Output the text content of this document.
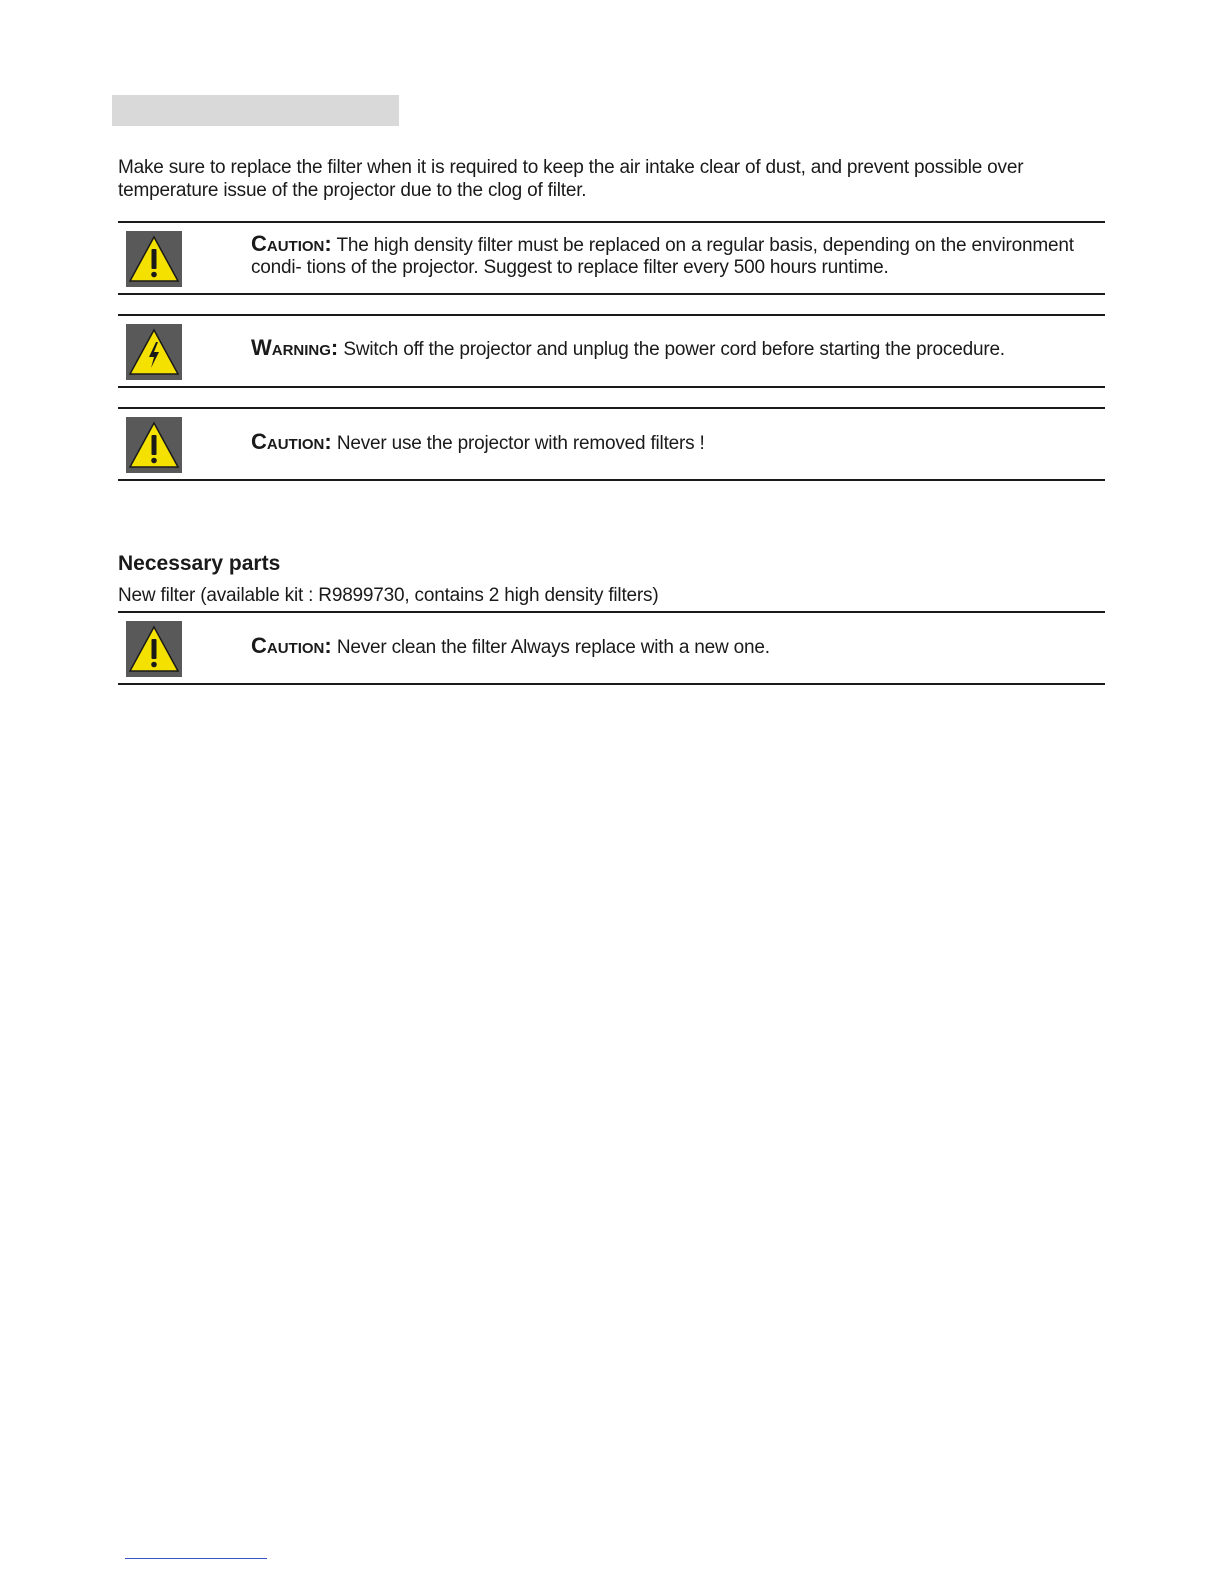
Make sure to replace the filter when it is required to keep the air intake clear of dust, and prevent possible over temperature issue of the projector due to the clog of filter.

Caution: The high density filter must be replaced on a regular basis, depending on the environment condi- tions of the projector. Suggest to replace filter every 500 hours runtime.
Warning: Switch off the projector and unplug the power cord before starting the procedure.
Caution: Never use the projector with removed filters !
Necessary parts
New filter (available kit : R9899730, contains 2 high density filters)
Caution: Never clean the filter Always replace with a new one.
